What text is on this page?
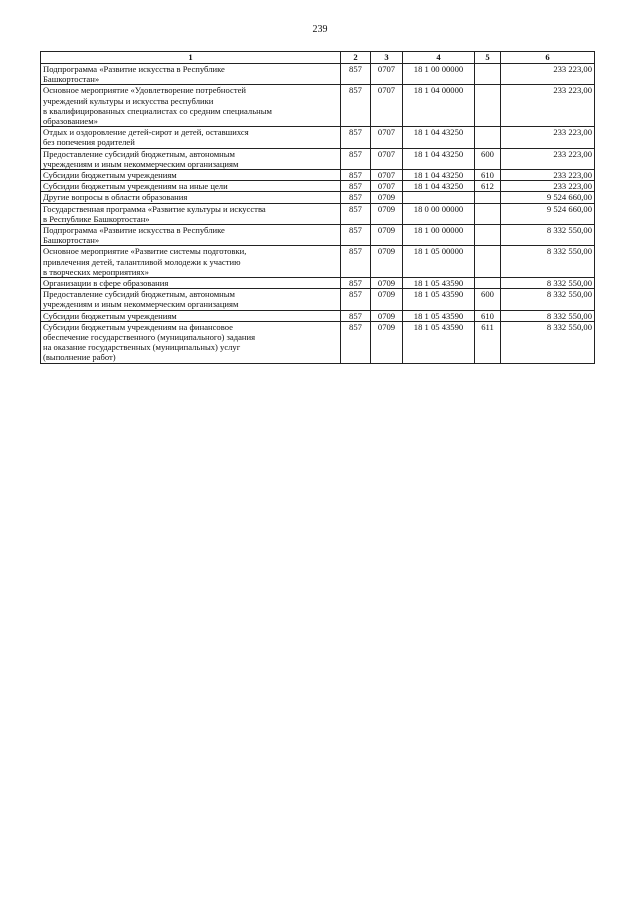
239
1	2	3	4	5	6
Подпрограмма «Развитие искусства в Республике
Башкортостан»	857	0707	18 1 00 00000		233 223,00
Основное мероприятие «Удовлетворение потребностей
учреждений культуры и искусства республики
в квалифицированных специалистах со средним специальным
образованием»	857	0707	18 1 04 00000		233 223,00
Отдых и оздоровление детей-сирот и детей, оставшихся
без попечения родителей	857	0707	18 1 04 43250		233 223,00
Предоставление субсидий бюджетным, автономным
учреждениям и иным некоммерческим организациям	857	0707	18 1 04 43250	600	233 223,00
Субсидии бюджетным учреждениям	857	0707	18 1 04 43250	610	233 223,00
Субсидии бюджетным учреждениям на иные цели	857	0707	18 1 04 43250	612	233 223,00
Другие вопросы в области образования	857	0709			9 524 660,00
Государственная программа «Развитие культуры и искусства
в Республике Башкортостан»	857	0709	18 0 00 00000		9 524 660,00
Подпрограмма «Развитие искусства в Республике
Башкортостан»	857	0709	18 1 00 00000		8 332 550,00
Основное мероприятие «Развитие системы подготовки,
привлечения детей, талантливой молодежи к участию
в творческих мероприятиях»	857	0709	18 1 05 00000		8 332 550,00
Организации в сфере образования	857	0709	18 1 05 43590		8 332 550,00
Предоставление субсидий бюджетным, автономным
учреждениям и иным некоммерческим организациям	857	0709	18 1 05 43590	600	8 332 550,00
Субсидии бюджетным учреждениям	857	0709	18 1 05 43590	610	8 332 550,00
Субсидии бюджетным учреждениям на финансовое
обеспечение государственного (муниципального) задания
на оказание государственных (муниципальных) услуг
(выполнение работ)	857	0709	18 1 05 43590	611	8 332 550,00
